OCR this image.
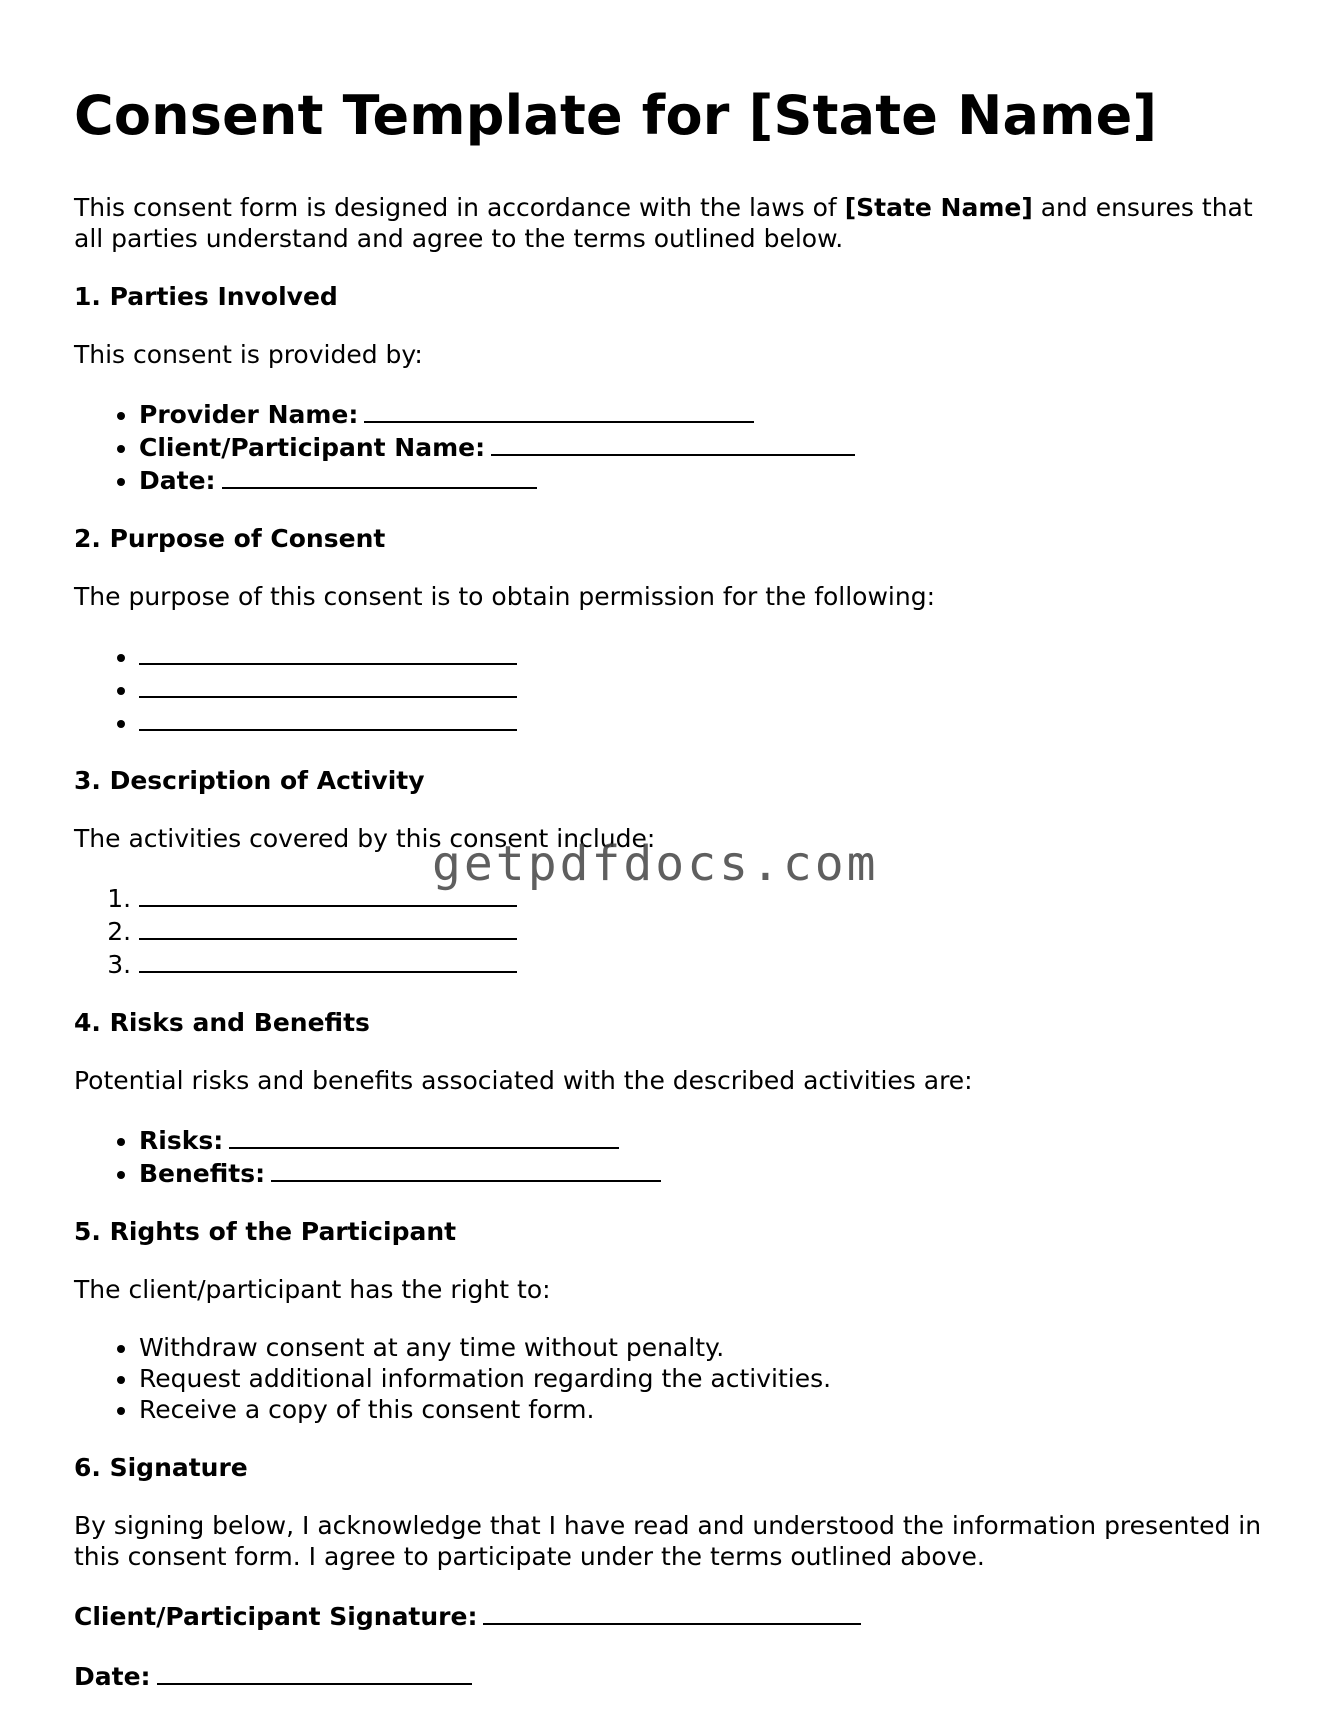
Consent Template for [State Name]

This consent form is designed in accordance with the laws of [State Name] and ensures that all parties understand and agree to the terms outlined below.

1. Parties Involved

This consent is provided by:

• Provider Name:
• Client/Participant Name:
• Date:
2. Purpose of Consent

The purpose of this consent is to obtain permission for the following:

•
•
•
3. Description of Activity

The activities covered by this consent include:

1.
2.
3.
4. Risks and Benefits

Potential risks and benefits associated with the described activities are:

• Risks:
• Benefits:
5. Rights of the Participant

The client/participant has the right to:

• Withdraw consent at any time without penalty.
• Request additional information regarding the activities.
• Receive a copy of this consent form.
6. Signature

By signing below, I acknowledge that I have read and understood the information presented in this consent form. I agree to participate under the terms outlined above.

Client/Participant Signature:

Date:

getpdfdocs.com
